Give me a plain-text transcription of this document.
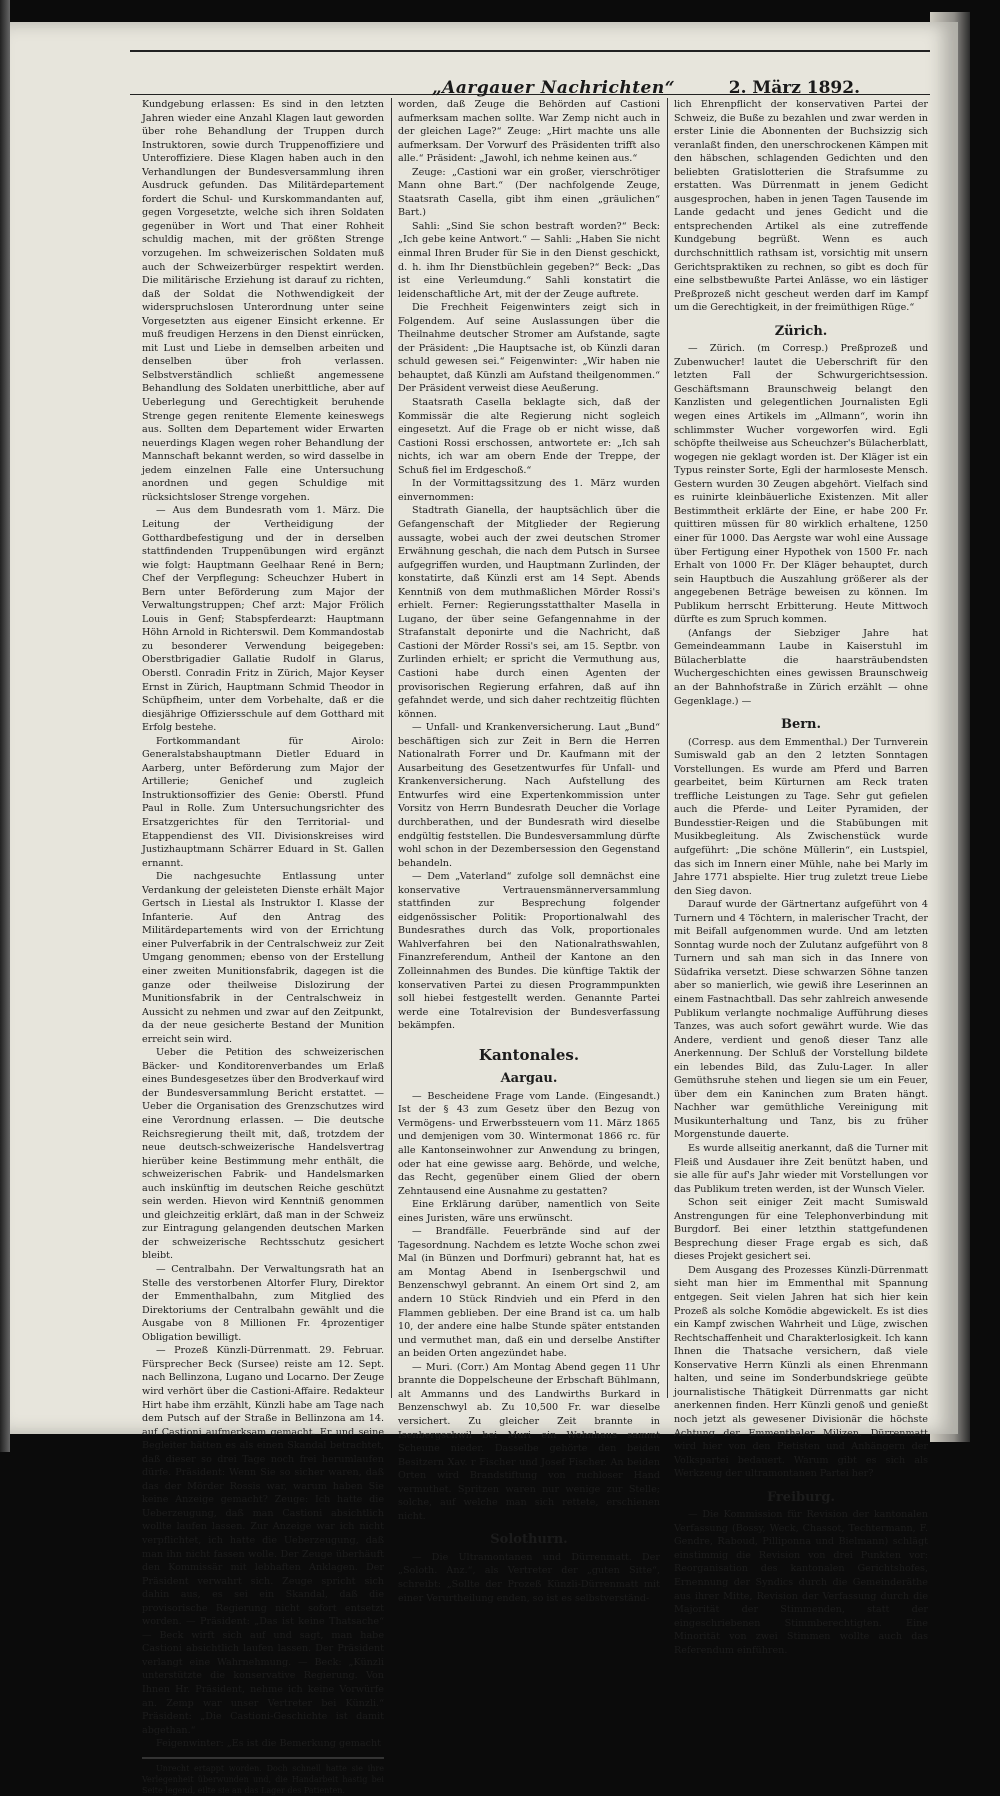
„Aargauer Nachrichten“	2. März 1892.

Kundgebung erlassen: Es sind in den letzten Jahren wieder eine Anzahl Klagen laut geworden über rohe Behandlung der Truppen durch Instruktoren, sowie durch Truppenoffiziere und Unteroffiziere. Diese Klagen haben auch in den Verhandlungen der Bundesversammlung ihren Ausdruck gefunden. Das Militärdepartement fordert die Schul- und Kurskommandanten auf, gegen Vorgesetzte, welche sich ihren Soldaten gegenüber in Wort und That einer Rohheit schuldig machen, mit der größten Strenge vorzugehen. Im schweizerischen Soldaten muß auch der Schweizerbürger respektirt werden. Die militärische Erziehung ist darauf zu richten, daß der Soldat die Nothwendigkeit der widerspruchslosen Unterordnung unter seine Vorgesetzten aus eigener Einsicht erkenne. Er muß freudigen Herzens in den Dienst einrücken, mit Lust und Liebe in demselben arbeiten und denselben über froh verlassen. Selbstverständlich schließt angemessene Behandlung des Soldaten unerbittliche, aber auf Ueberlegung und Gerechtigkeit beruhende Strenge gegen renitente Elemente keineswegs aus. Sollten dem Departement wider Erwarten neuerdings Klagen wegen roher Behandlung der Mannschaft bekannt werden, so wird dasselbe in jedem einzelnen Falle eine Untersuchung anordnen und gegen Schuldige mit rücksichtsloser Strenge vorgehen.

— Aus dem Bundesrath vom 1. März. Die Leitung der Vertheidigung der Gotthardbefestigung und der in derselben stattfindenden Truppenübungen wird ergänzt wie folgt: Hauptmann Geelhaar René in Bern; Chef der Verpflegung: Scheuchzer Hubert in Bern unter Beförderung zum Major der Verwaltungstruppen; Chef arzt: Major Frölich Louis in Genf; Stabspferdearzt: Hauptmann Höhn Arnold in Richterswil. Dem Kommandostab zu besonderer Verwendung beigegeben: Oberstbrigadier Gallatie Rudolf in Glarus, Oberstl. Conradin Fritz in Zürich, Major Keyser Ernst in Zürich, Hauptmann Schmid Theodor in Schüpfheim, unter dem Vorbehalte, daß er die diesjährige Offiziersschule auf dem Gotthard mit Erfolg bestehe.

Fortkommandant für Airolo: Generalstabshauptmann Dietler Eduard in Aarberg, unter Beförderung zum Major der Artillerie; Genichef und zugleich Instruktionsoffizier des Genie: Oberstl. Pfund Paul in Rolle. Zum Untersuchungsrichter des Ersatzgerichtes für den Territorial- und Etappendienst des VII. Divisionskreises wird Justizhauptmann Schärrer Eduard in St. Gallen ernannt.

Die nachgesuchte Entlassung unter Verdankung der geleisteten Dienste erhält Major Gertsch in Liestal als Instruktor I. Klasse der Infanterie. Auf den Antrag des Militärdepartements wird von der Errichtung einer Pulverfabrik in der Centralschweiz zur Zeit Umgang genommen; ebenso von der Erstellung einer zweiten Munitionsfabrik, dagegen ist die ganze oder theilweise Dislozirung der Munitionsfabrik in der Centralschweiz in Aussicht zu nehmen und zwar auf den Zeitpunkt, da der neue gesicherte Bestand der Munition erreicht sein wird.

Ueber die Petition des schweizerischen Bäcker- und Konditorenverbandes um Erlaß eines Bundesgesetzes über den Brodverkauf wird der Bundesversammlung Bericht erstattet. — Ueber die Organisation des Grenzschutzes wird eine Verordnung erlassen. — Die deutsche Reichsregierung theilt mit, daß, trotzdem der neue deutsch-schweizerische Handelsvertrag hierüber keine Bestimmung mehr enthält, die schweizerischen Fabrik- und Handelsmarken auch inskünftig im deutschen Reiche geschützt sein werden. Hievon wird Kenntniß genommen und gleichzeitig erklärt, daß man in der Schweiz zur Eintragung gelangenden deutschen Marken der schweizerische Rechtsschutz gesichert bleibt.

— Centralbahn. Der Verwaltungsrath hat an Stelle des verstorbenen Altorfer Flury, Direktor der Emmenthalbahn, zum Mitglied des Direktoriums der Centralbahn gewählt und die Ausgabe von 8 Millionen Fr. 4prozentiger Obligation bewilligt.

— Prozeß Künzli-Dürrenmatt. 29. Februar. Fürsprecher Beck (Sursee) reiste am 12. Sept. nach Bellinzona, Lugano und Locarno. Der Zeuge wird verhört über die Castioni-Affaire. Redakteur Hirt habe ihm erzählt, Künzli habe am Tage nach dem Putsch auf der Straße in Bellinzona am 14. auf Castioni aufmerksam gemacht. Er und seine Begleiter hätten es als einen Skandal betrachtet, daß dieser so drei Tage noch frei herumlaufen dürfe. Präsident: Wenn Sie so sicher waren, daß das der Mörder Rossis war, warum haben Sie keine Anzeige gemacht? Zeuge: Ich hatte die Ueberzeugung, daß man Castioni absichtlich wollte laufen lassen. Zur Anzeige war ich nicht verpflichtet, ich hatte die Ueberzeugung, daß man ihn nicht fassen wolle. Der Zeuge überhäuft den Kommissär mit lebhaften Anklagen. Der Präsident verwahrt sich. Zeuge spricht sich dahin aus, es sei ein Skandal, daß die provisorische Regierung nicht sofort entsetzt worden. — Präsident: „Das ist keine Thatsache“ — Beck wirft sich auf und sagt, man habe Castioni absichtlich laufen lassen. Der Präsident verlangt eine Wahrnehmung. — Beck: „Künzli unterstützte die konservative Regierung. Von Ihnen Hr. Präsident, nehme ich keine Vorwürfe an. Zemp war unser Vertreter bei Künzli.“ Präsident: „Die Castioni-Geschichte ist damit abgethan.“

Feigenwinter: „Es ist die Bemerkung gemacht

Unrecht ertappt worden. Doch schnell hatte sie ihre Verlegenheit überwunden und, die Handarbeit hastig bei Seite legend, eilte sie an das Lager des Patienten.

worden, daß Zeuge die Behörden auf Castioni aufmerksam machen sollte. War Zemp nicht auch in der gleichen Lage?“ Zeuge: „Hirt machte uns alle aufmerksam. Der Vorwurf des Präsidenten trifft also alle.“ Präsident: „Jawohl, ich nehme keinen aus.“

Zeuge: „Castioni war ein großer, vierschrötiger Mann ohne Bart.“ (Der nachfolgende Zeuge, Staatsrath Casella, gibt ihm einen „gräulichen“ Bart.)

Sahli: „Sind Sie schon bestraft worden?“ Beck: „Ich gebe keine Antwort.“ — Sahli: „Haben Sie nicht einmal Ihren Bruder für Sie in den Dienst geschickt, d. h. ihm Ihr Dienstbüchlein gegeben?“ Beck: „Das ist eine Verleumdung.“ Sahli konstatirt die leidenschaftliche Art, mit der der Zeuge auftrete.

Die Frechheit Feigenwinters zeigt sich in Folgendem. Auf seine Auslassungen über die Theilnahme deutscher Stromer am Aufstande, sagte der Präsident: „Die Hauptsache ist, ob Künzli daran schuld gewesen sei.“ Feigenwinter: „Wir haben nie behauptet, daß Künzli am Aufstand theilgenommen.“ Der Präsident verweist diese Aeußerung.

Staatsrath Casella beklagte sich, daß der Kommissär die alte Regierung nicht sogleich eingesetzt. Auf die Frage ob er nicht wisse, daß Castioni Rossi erschossen, antwortete er: „Ich sah nichts, ich war am obern Ende der Treppe, der Schuß fiel im Erdgeschoß.“

In der Vormittagssitzung des 1. März wurden einvernommen:

Stadtrath Gianella, der hauptsächlich über die Gefangenschaft der Mitglieder der Regierung aussagte, wobei auch der zwei deutschen Stromer Erwähnung geschah, die nach dem Putsch in Sursee aufgegriffen wurden, und Hauptmann Zurlinden, der konstatirte, daß Künzli erst am 14 Sept. Abends Kenntniß von dem muthmaßlichen Mörder Rossi's erhielt. Ferner: Regierungsstatthalter Masella in Lugano, der über seine Gefangennahme in der Strafanstalt deponirte und die Nachricht, daß Castioni der Mörder Rossi's sei, am 15. Septbr. von Zurlinden erhielt; er spricht die Vermuthung aus, Castioni habe durch einen Agenten der provisorischen Regierung erfahren, daß auf ihn gefahndet werde, und sich daher rechtzeitig flüchten können.

— Unfall- und Krankenversicherung. Laut „Bund“ beschäftigen sich zur Zeit in Bern die Herren Nationalrath Forrer und Dr. Kaufmann mit der Ausarbeitung des Gesetzentwurfes für Unfall- und Krankenversicherung. Nach Aufstellung des Entwurfes wird eine Expertenkommission unter Vorsitz von Herrn Bundesrath Deucher die Vorlage durchberathen, und der Bundesrath wird dieselbe endgültig feststellen. Die Bundesversammlung dürfte wohl schon in der Dezembersession den Gegenstand behandeln.

— Dem „Vaterland“ zufolge soll demnächst eine konservative Vertrauensmännerversammlung stattfinden zur Besprechung folgender eidgenössischer Politik: Proportionalwahl des Bundesrathes durch das Volk, proportionales Wahlverfahren bei den Nationalrathswahlen, Finanzreferendum, Antheil der Kantone an den Zolleinnahmen des Bundes. Die künftige Taktik der konservativen Partei zu diesen Programmpunkten soll hiebei festgestellt werden. Genannte Partei werde eine Totalrevision der Bundesverfassung bekämpfen.

Kantonales.
Aargau.

— Bescheidene Frage vom Lande. (Eingesandt.) Ist der § 43 zum Gesetz über den Bezug von Vermögens- und Erwerbssteuern vom 11. März 1865 und demjenigen vom 30. Wintermonat 1866 rc. für alle Kantonseinwohner zur Anwendung zu bringen, oder hat eine gewisse aarg. Behörde, und welche, das Recht, gegenüber einem Glied der obern Zehntausend eine Ausnahme zu gestatten?

Eine Erklärung darüber, namentlich von Seite eines Juristen, wäre uns erwünscht.

— Brandfälle. Feuerbrände sind auf der Tagesordnung. Nachdem es letzte Woche schon zwei Mal (in Bünzen und Dorfmuri) gebrannt hat, hat es am Montag Abend in Isenbergschwil und Benzenschwyl gebrannt. An einem Ort sind 2, am andern 10 Stück Rindvieh und ein Pferd in den Flammen geblieben. Der eine Brand ist ca. um halb 10, der andere eine halbe Stunde später entstanden und vermuthet man, daß ein und derselbe Anstifter an beiden Orten angezündet habe.

— Muri. (Corr.) Am Montag Abend gegen 11 Uhr brannte die Doppelscheune der Erbschaft Bühlmann, alt Ammanns und des Landwirths Burkard in Benzenschwyl ab. Zu 10,500 Fr. war dieselbe versichert. Zu gleicher Zeit brannte in Isenbergschwil bei Muri ein Wohnhaus sammt Scheune nieder. Dasselbe gehörte den beiden Besitzern Xav. r Fischer und Josef Fischer. An beiden Orten wird Brandstiftung von ruchloser Hand vermuthet. Spritzen waren nur wenige zur Stelle; solche, auf welche man sich rettete, erschienen nicht.

Solothurn.

— Die Ultramontanen und Dürrenmatt. Der „Soloth. Anz.“, als Vertreter der „guten Sitte“, schreibt: „Sollte der Prozeß Künzli-Dürrenmatt mit einer Verurtheilung enden, so ist es selbstverständ-

lich Ehrenpflicht der konservativen Partei der Schweiz, die Buße zu bezahlen und zwar werden in erster Linie die Abonnenten der Buchsizzig sich veranlaßt finden, den unerschrockenen Kämpen mit den häbschen, schlagenden Gedichten und den beliebten Gratislotterien die Strafsumme zu erstatten. Was Dürrenmatt in jenem Gedicht ausgesprochen, haben in jenen Tagen Tausende im Lande gedacht und jenes Gedicht und die entsprechenden Artikel als eine zutreffende Kundgebung begrüßt. Wenn es auch durchschnittlich rathsam ist, vorsichtig mit unsern Gerichtspraktiken zu rechnen, so gibt es doch für eine selbstbewußte Partei Anlässe, wo ein lästiger Preßprozeß nicht gescheut werden darf im Kampf um die Gerechtigkeit, in der freimüthigen Rüge.“

Zürich.

— Zürich. (m Corresp.) Preßprozeß und Zubenwucher! lautet die Ueberschrift für den letzten Fall der Schwurgerichtsession. Geschäftsmann Braunschweig belangt den Kanzlisten und gelegentlichen Journalisten Egli wegen eines Artikels im „Allmann“, worin ihn schlimmster Wucher vorgeworfen wird. Egli schöpfte theilweise aus Scheuchzer's Bülacherblatt, wogegen nie geklagt worden ist. Der Kläger ist ein Typus reinster Sorte, Egli der harmloseste Mensch. Gestern wurden 30 Zeugen abgehört. Vielfach sind es ruinirte kleinbäuerliche Existenzen. Mit aller Bestimmtheit erklärte der Eine, er habe 200 Fr. quittiren müssen für 80 wirklich erhaltene, 1250 einer für 1000. Das Aergste war wohl eine Aussage über Fertigung einer Hypothek von 1500 Fr. nach Erhalt von 1000 Fr. Der Kläger behauptet, durch sein Hauptbuch die Auszahlung größerer als der angegebenen Beträge beweisen zu können. Im Publikum herrscht Erbitterung. Heute Mittwoch dürfte es zum Spruch kommen.

(Anfangs der Siebziger Jahre hat Gemeindeammann Laube in Kaiserstuhl im Bülacherblatte die haarsträubendsten Wuchergeschichten eines gewissen Braunschweig an der Bahnhofstraße in Zürich erzählt — ohne Gegenklage.) —

Bern.

(Corresp. aus dem Emmenthal.) Der Turnverein Sumiswald gab an den 2 letzten Sonntagen Vorstellungen. Es wurde am Pferd und Barren gearbeitet, beim Kürturnen am Reck traten treffliche Leistungen zu Tage. Sehr gut gefielen auch die Pferde- und Leiter Pyramiden, der Bundesstier-Reigen und die Stabübungen mit Musikbegleitung. Als Zwischenstück wurde aufgeführt: „Die schöne Müllerin“, ein Lustspiel, das sich im Innern einer Mühle, nahe bei Marly im Jahre 1771 abspielte. Hier trug zuletzt treue Liebe den Sieg davon.

Darauf wurde der Gärtnertanz aufgeführt von 4 Turnern und 4 Töchtern, in malerischer Tracht, der mit Beifall aufgenommen wurde. Und am letzten Sonntag wurde noch der Zulutanz aufgeführt von 8 Turnern und sah man sich in das Innere von Südafrika versetzt. Diese schwarzen Söhne tanzen aber so manierlich, wie gewiß ihre Leserinnen an einem Fastnachtball. Das sehr zahlreich anwesende Publikum verlangte nochmalige Aufführung dieses Tanzes, was auch sofort gewährt wurde. Wie das Andere, verdient und genoß dieser Tanz alle Anerkennung. Der Schluß der Vorstellung bildete ein lebendes Bild, das Zulu-Lager. In aller Gemüthsruhe stehen und liegen sie um ein Feuer, über dem ein Kaninchen zum Braten hängt. Nachher war gemüthliche Vereinigung mit Musikunterhaltung und Tanz, bis zu früher Morgenstunde dauerte.

Es wurde allseitig anerkannt, daß die Turner mit Fleiß und Ausdauer ihre Zeit benützt haben, und sie alle für auf's Jahr wieder mit Vorstellungen vor das Publikum treten werden, ist der Wunsch Vieler.

Schon seit einiger Zeit macht Sumiswald Anstrengungen für eine Telephonverbindung mit Burgdorf. Bei einer letzthin stattgefundenen Besprechung dieser Frage ergab es sich, daß dieses Projekt gesichert sei.

Dem Ausgang des Prozesses Künzli-Dürrenmatt sieht man hier im Emmenthal mit Spannung entgegen. Seit vielen Jahren hat sich hier kein Prozeß als solche Komödie abgewickelt. Es ist dies ein Kampf zwischen Wahrheit und Lüge, zwischen Rechtschaffenheit und Charakterlosigkeit. Ich kann Ihnen die Thatsache versichern, daß viele Konservative Herrn Künzli als einen Ehrenmann halten, und seine im Sonderbundskriege geübte journalistische Thätigkeit Dürrenmatts gar nicht anerkennen finden. Herr Künzli genoß und genießt noch jetzt als gewesener Divisionär die höchste Achtung der Emmenthaler Milizen. Dürrenmatt wird hier von den Pietisten und Anhängern der Volkspartei bedauert. Warum gibt es sich als Werkzeug der ultramontanen Partei her?

Freiburg.

— Die Kommission für Revision der kantonalen Verfassung (Bossy, Weck, Chassot, Techtermann, F. Gendre, Raboud, Pilliponna und Bielmann) schlägt einstimmig die Revision von drei Punkten vor: Reorganisation des kantonalen Gerichtshofes, Ernennung der Syndics durch die Gemeinderäthe aus ihrer Mitte, Revision der Verfassung durch die Majorität der Stimmenden, statt der eingeschriebenen Stimmberechtigten. Eine Minorität von zwei Stimmen wollte auch das Referendum einführen.
